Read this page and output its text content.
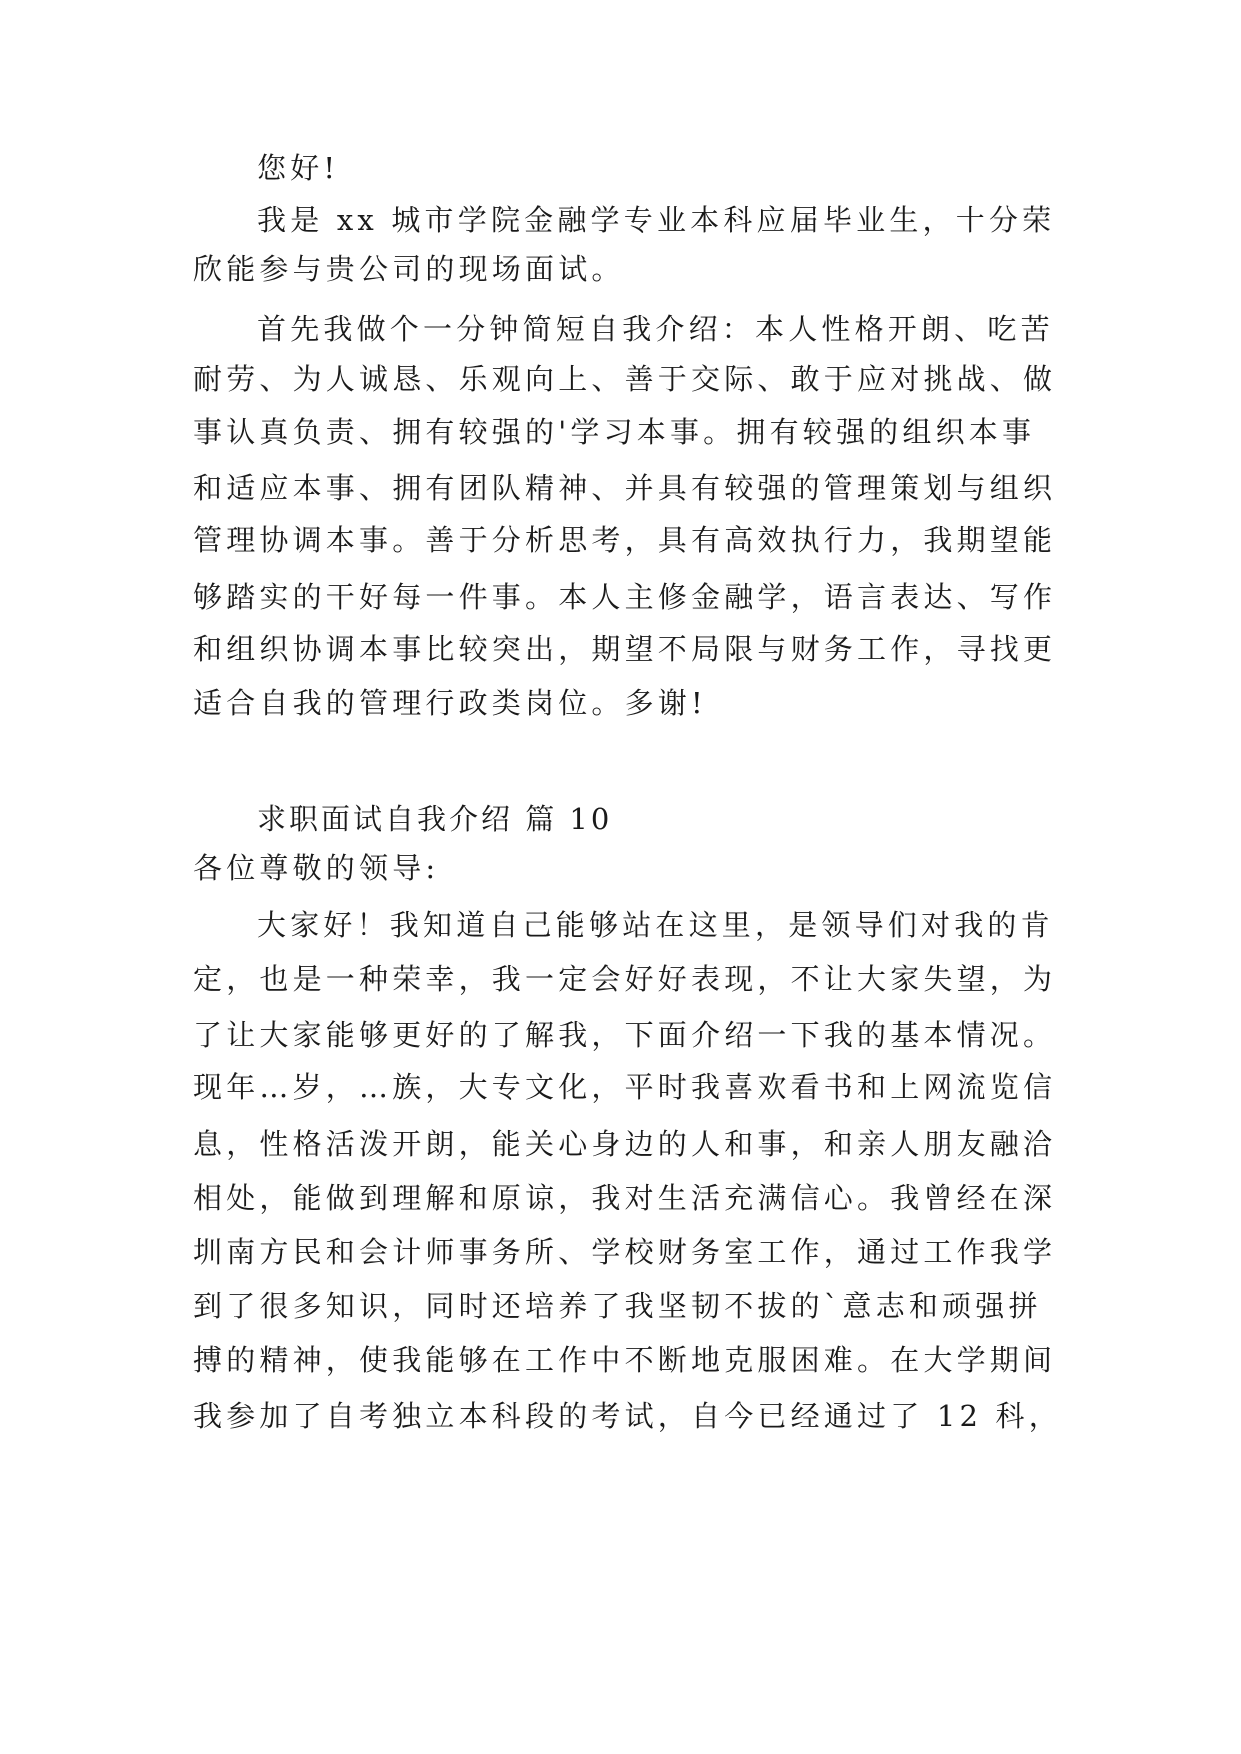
您好!
我是 xx 城市学院金融学专业本科应届毕业生，十分荣
欣能参与贵公司的现场面试。
首先我做个一分钟简短自我介绍：本人性格开朗、吃苦
耐劳、为人诚恳、乐观向上、善于交际、敢于应对挑战、做
事认真负责、拥有较强的'学习本事。拥有较强的组织本事
和适应本事、拥有团队精神、并具有较强的管理策划与组织
管理协调本事。善于分析思考，具有高效执行力，我期望能
够踏实的干好每一件事。本人主修金融学，语言表达、写作
和组织协调本事比较突出，期望不局限与财务工作，寻找更
适合自我的管理行政类岗位。多谢!
求职面试自我介绍 篇 10
各位尊敬的领导:
大家好！我知道自己能够站在这里，是领导们对我的肯
定，也是一种荣幸，我一定会好好表现，不让大家失望，为
了让大家能够更好的了解我，下面介绍一下我的基本情况。
现年…岁，…族，大专文化，平时我喜欢看书和上网流览信
息，性格活泼开朗，能关心身边的人和事，和亲人朋友融洽
相处，能做到理解和原谅，我对生活充满信心。我曾经在深
圳南方民和会计师事务所、学校财务室工作，通过工作我学
到了很多知识，同时还培养了我坚韧不拔的`意志和顽强拼
搏的精神，使我能够在工作中不断地克服困难。在大学期间
我参加了自考独立本科段的考试，自今已经通过了 12 科，
